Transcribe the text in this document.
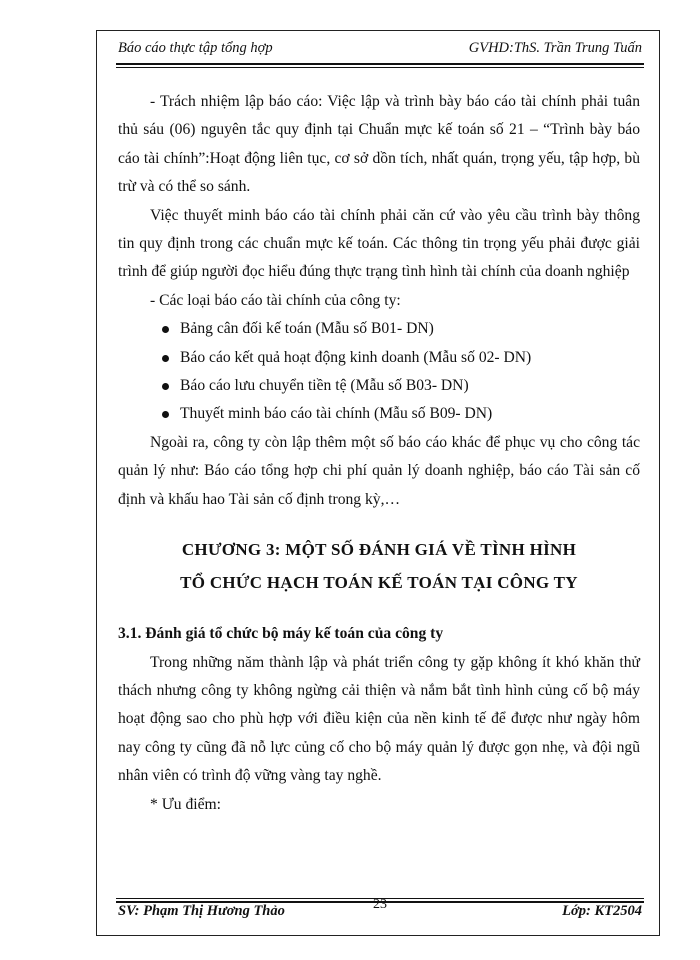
Báo cáo thực tập tổng hợp	GVHD:ThS. Trần Trung Tuấn

- Trách nhiệm lập báo cáo: Việc lập và trình bày báo cáo tài chính phải tuân thủ sáu (06) nguyên tắc quy định tại Chuẩn mực kế toán số 21 – “Trình bày báo cáo tài chính”:Hoạt động liên tục, cơ sở dồn tích, nhất quán, trọng yếu, tập hợp, bù trừ và có thể so sánh.

Việc thuyết minh báo cáo tài chính phải căn cứ vào yêu cầu trình bày thông tin quy định trong các chuẩn mực kế toán. Các thông tin trọng yếu phải được giải trình để giúp người đọc hiểu đúng thực trạng tình hình tài chính của doanh nghiệp

- Các loại báo cáo tài chính của công ty:

Bảng cân đối kế toán (Mẫu số B01- DN)
Báo cáo kết quả hoạt động kinh doanh (Mẫu số 02- DN)
Báo cáo lưu chuyển tiền tệ (Mẫu số B03- DN)
Thuyết minh báo cáo tài chính (Mẫu số B09- DN)

Ngoài ra, công ty còn lập thêm một số báo cáo khác để phục vụ cho công tác quản lý như: Báo cáo tổng hợp chi phí quản lý doanh nghiệp, báo cáo Tài sản cố định và khấu hao Tài sản cố định trong kỳ,…

CHƯƠNG 3: MỘT SỐ ĐÁNH GIÁ VỀ TÌNH HÌNH
TỔ CHỨC HẠCH TOÁN KẾ TOÁN TẠI CÔNG TY

3.1. Đánh giá tổ chức bộ máy kế toán của công ty

Trong những năm thành lập và phát triển công ty gặp không ít khó khăn thử thách nhưng công ty không ngừng cải thiện và nắm bắt tình hình củng cố bộ máy hoạt động sao cho phù hợp với điều kiện của nền kinh tế để được như ngày hôm nay công ty cũng đã nỗ lực củng cố cho bộ máy quản lý được gọn nhẹ, và đội ngũ nhân viên có trình độ vững vàng tay nghề.

* Ưu điểm:

SV: Phạm Thị Hương Thảo	23	Lớp: KT2504
